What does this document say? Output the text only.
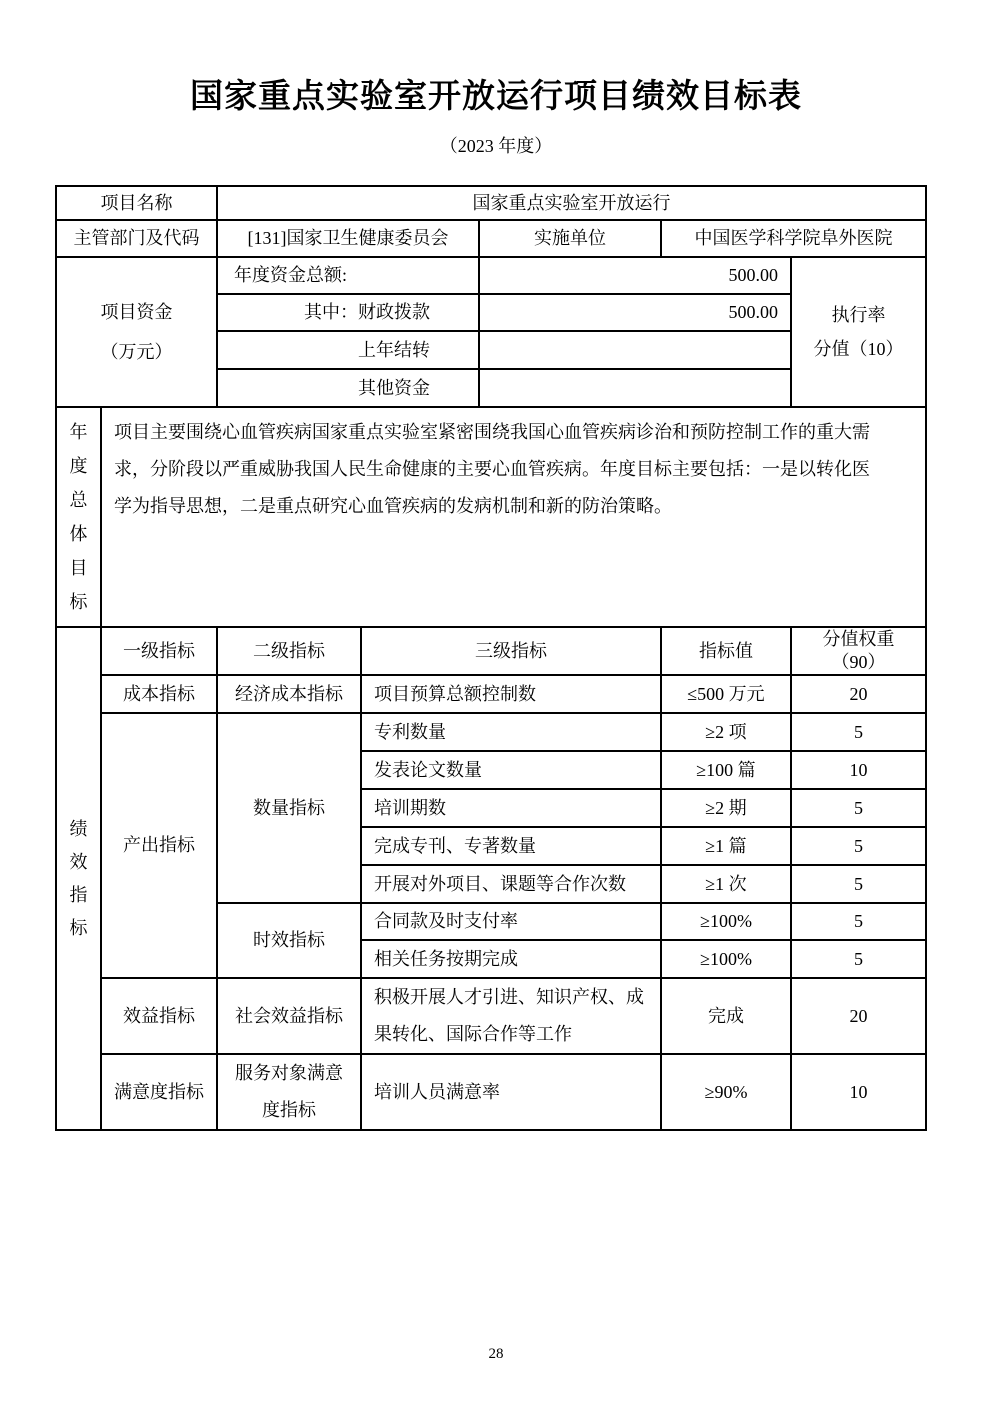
国家重点实验室开放运行项目绩效目标表
（2023 年度）
项目名称		国家重点实验室开放运行				
主管部门及代码		[131]国家卫生健康委员会		实施单位	中国医学科学院阜外医院	

项目资金
（万元）
	年度资金总额:	500.00	
执行率
分值（10）

		其中：财政拨款		500.00		
		上年结转				
		其他资金				

年度总体目标	项目主要围绕心血管疾病国家重点实验室紧密围绕我国心血管疾病诊治和预防控制工作的重大需求，分阶段以严重威胁我国人民生命健康的主要心血管疾病。年度目标主要包括：一是以转化医学为指导思想，二是重点研究心血管疾病的发病机制和新的防治策略。					

绩效指标	一级指标	二级指标	三级指标		指标值	分值权重
（90）

	成本指标	经济成本指标	项目预算总额控制数		≤500 万元	20
	产出指标	数量指标	专利数量		≥2 项	5
			发表论文数量		≥100 篇	10
			培训期数		≥2 期	5
			完成专刊、专著数量		≥1 篇	5
			开展对外项目、课题等合作次数		≥1 次	5
		时效指标	合同款及时支付率		≥100%	5
			相关任务按期完成		≥100%	5
	效益指标	社会效益指标	积极开展人才引进、知识产权、成果转化、国际合作等工作		完成	20
	满意度指标	服务对象满意度指标	培训人员满意率		≥90%	10
28
